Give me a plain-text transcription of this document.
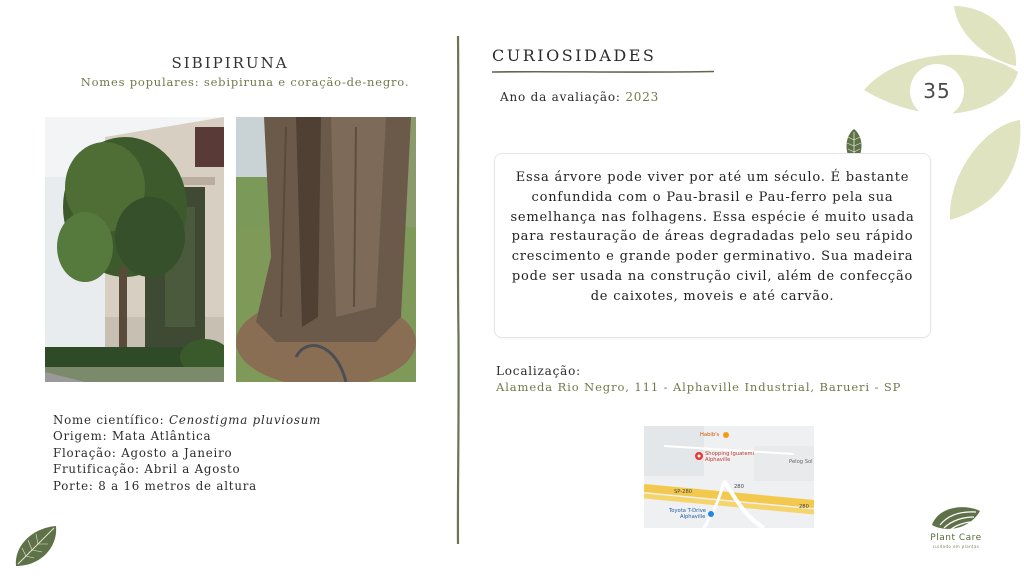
35
SIBIPIRUNA
Nomes populares: sebipiruna e coração-de-negro.
Nome científico: Cenostigma pluviosum
Origem: Mata Atlântica
Floração: Agosto a Janeiro
Frutificação: Abril a Agosto
Porte: 8 a 16 metros de altura
CURIOSIDADES
Ano da avaliação: 2023
Essa árvore pode viver por até um século. É bastante confundida com o Pau-brasil e Pau-ferro pela sua semelhança nas folhagens. Essa espécie é muito usada para restauração de áreas degradadas pelo seu rápido crescimento e grande poder germinativo. Sua madeira pode ser usada na construção civil, além de confecção de caixotes, moveis e até carvão.
Localização:
Alameda Rio Negro, 111 - Alphaville Industrial, Barueri - SP
Habib's
Shopping Iguatemi
Alphaville	Pelog Sol
Toyota T-Drive
Alphaville
SP-280
280
280
Plant Care
cuidado em plantas
